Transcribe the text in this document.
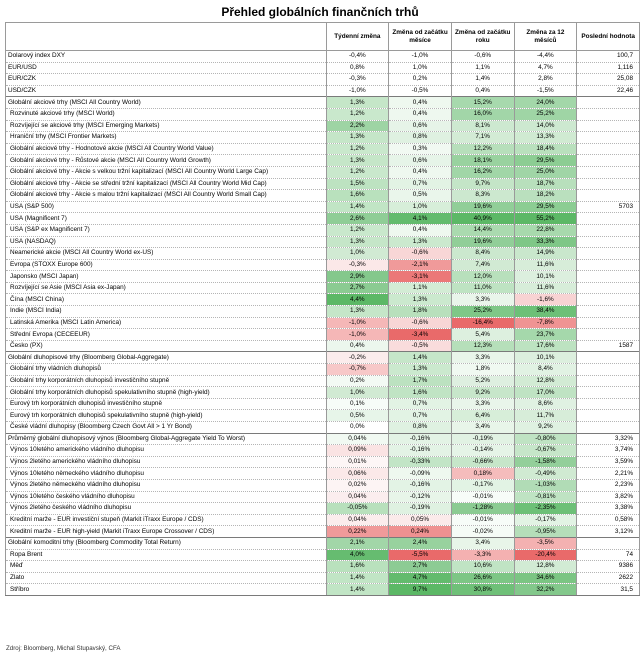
Přehled globálních finančních trhů
	Týdenní změna	Změna od začátku měsíce	Změna od začátku roku	Změna za 12 měsíců	Poslední hodnota
Dolarový index DXY	-0,4%	-1,0%	-0,6%	-4,4%	100,7
EUR/USD	0,8%	1,0%	1,1%	4,7%	1,116
EUR/CZK	-0,3%	0,2%	1,4%	2,8%	25,08
USD/CZK	-1,0%	-0,5%	0,4%	-1,5%	22,46
Globální akciové trhy (MSCI All Country World)	1,3%	0,4%	15,2%	24,0%	
Rozvinuté akciové trhy (MSCI World)	1,2%	0,4%	16,0%	25,2%	
Rozvíjející se akciové trhy (MSCI Emerging Markets)	2,2%	0,6%	8,1%	14,0%	
Hraniční trhy (MSCI Frontier Markets)	1,3%	0,8%	7,1%	13,3%	
Globální akciové trhy - Hodnotové akcie (MSCI All Country World Value)	1,2%	0,3%	12,2%	18,4%	
Globální akciové trhy - Růstové akcie (MSCI All Country World Growth)	1,3%	0,6%	18,1%	29,5%	
Globální akciové trhy - Akcie s velkou tržní kapitalizací (MSCI All Country World Large Cap)	1,2%	0,4%	16,2%	25,0%	
Globální akciové trhy - Akcie se střední tržní kapitalizací (MSCI All Country World Mid Cap)	1,5%	0,7%	9,7%	18,7%	
Globální akciové trhy - Akcie s malou tržní kapitalizací (MSCI All Country World Small Cap)	1,6%	0,5%	8,3%	18,2%	
USA (S&P 500)	1,4%	1,0%	19,6%	29,5%	5703
USA (Magnificent 7)	2,6%	4,1%	40,9%	55,2%	
USA (S&P ex Magnificent 7)	1,2%	0,4%	14,4%	22,8%	
USA (NASDAQ)	1,3%	1,3%	19,6%	33,3%	
Neamerické akcie (MSCI All Country World ex-US)	1,0%	-0,6%	8,4%	14,9%	
Evropa (STOXX Europe 600)	-0,3%	-2,1%	7,4%	11,6%	
Japonsko (MSCI Japan)	2,9%	-3,1%	12,0%	10,1%	
Rozvíjející se Asie (MSCI Asia ex-Japan)	2,7%	1,1%	11,0%	11,6%	
Čína (MSCI China)	4,4%	1,3%	3,3%	-1,6%	
Indie (MSCI India)	1,3%	1,8%	25,2%	38,4%	
Latinská Amerika (MSCI Latin America)	-1,0%	-0,6%	-16,4%	-7,8%	
Střední Evropa (CECEEUR)	-1,0%	-3,4%	5,4%	23,7%	
Česko (PX)	0,4%	-0,5%	12,3%	17,6%	1587
Globální dluhopisové trhy (Bloomberg Global-Aggregate)	-0,2%	1,4%	3,3%	10,1%	
Globální trhy vládních dluhopisů	-0,7%	1,3%	1,8%	8,4%	
Globální trhy korporátních dluhopisů investičního stupně	0,2%	1,7%	5,2%	12,8%	
Globální trhy korporátních dluhopisů spekulativního stupně (high-yield)	1,0%	1,6%	9,2%	17,0%	
Eurový trh korporátních dluhopisů investičního stupně	0,1%	0,7%	3,3%	8,6%	
Eurový trh korporátních dluhopisů spekulativního stupně (high-yield)	0,5%	0,7%	6,4%	11,7%	
České vládní dluhopisy (Bloomberg Czech Govt All > 1 Yr Bond)	0,0%	0,8%	3,4%	9,2%	
Průměrný globální dluhopisový výnos (Bloomberg Global-Aggregate Yield To Worst)	0,04%	-0,16%	-0,19%	-0,80%	3,32%
Výnos 10letého amerického vládního dluhopisu	0,09%	-0,16%	-0,14%	-0,67%	3,74%
Výnos 2letého amerického vládního dluhopisu	0,01%	-0,33%	-0,66%	-1,58%	3,59%
Výnos 10letého německého vládního dluhopisu	0,06%	-0,09%	0,18%	-0,49%	2,21%
Výnos 2letého německého vládního dluhopisu	0,02%	-0,16%	-0,17%	-1,03%	2,23%
Výnos 10letého českého vládního dluhopisu	0,04%	-0,12%	-0,01%	-0,81%	3,82%
Výnos 2letého českého vládního dluhopisu	-0,05%	-0,19%	-1,28%	-2,35%	3,38%
Kreditní marže - EUR investiční stupeň (Markit iTraxx Europe / CDS)	0,04%	0,05%	-0,01%	-0,17%	0,58%
Kreditní marže - EUR high-yield (Markit iTraxx Europe Crossover / CDS)	0,22%	0,24%	-0,02%	-0,95%	3,12%
Globální komoditní trhy (Bloomberg Commodity Total Return)	2,1%	2,4%	3,4%	-3,5%	
Ropa Brent	4,0%	-5,5%	-3,3%	-20,4%	74
Měď	1,6%	2,7%	10,6%	12,8%	9386
Zlato	1,4%	4,7%	26,6%	34,6%	2622
Stříbro	1,4%	9,7%	30,8%	32,2%	31,5
Zdroj: Bloomberg, Michal Stupavský, CFA
